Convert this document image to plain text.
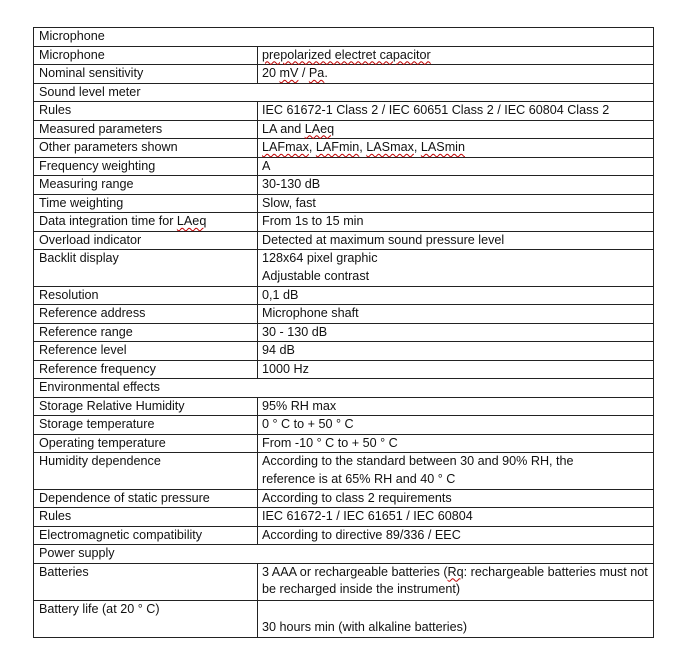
Microphone	
Microphone	prepolarized electret capacitor
Nominal sensitivity	20 mV / Pa.
Sound level meter	
Rules	IEC 61672-1 Class 2 / IEC 60651 Class 2 / IEC 60804 Class 2
Measured parameters	LA and LAeq
Other parameters shown	LAFmax, LAFmin, LASmax, LASmin
Frequency weighting	A
Measuring range	30-130 dB
Time weighting	Slow, fast
Data integration time for LAeq	From 1s to 15 min
Overload indicator	Detected at maximum sound pressure level
Backlit display	128x64 pixel graphic
Adjustable contrast
Resolution	0,1 dB
Reference address	Microphone shaft
Reference range	30 - 130 dB
Reference level	94 dB
Reference frequency	1000 Hz
Environmental effects	
Storage Relative Humidity	95% RH max
Storage temperature	0 ° C to + 50 ° C
Operating temperature	From -10 ° C to + 50 ° C
Humidity dependence	According to the standard between 30 and 90% RH, the
reference is at 65% RH and 40 ° C
Dependence of static pressure	According to class 2 requirements
Rules	IEC 61672-1 / IEC 61651 / IEC 60804
Electromagnetic compatibility	According to directive 89/336 / EEC
Power supply	
Batteries	3 AAA or rechargeable batteries (Rq: rechargeable batteries must not be recharged inside the instrument)
Battery life (at 20 ° C)	30 hours min (with alkaline batteries)
